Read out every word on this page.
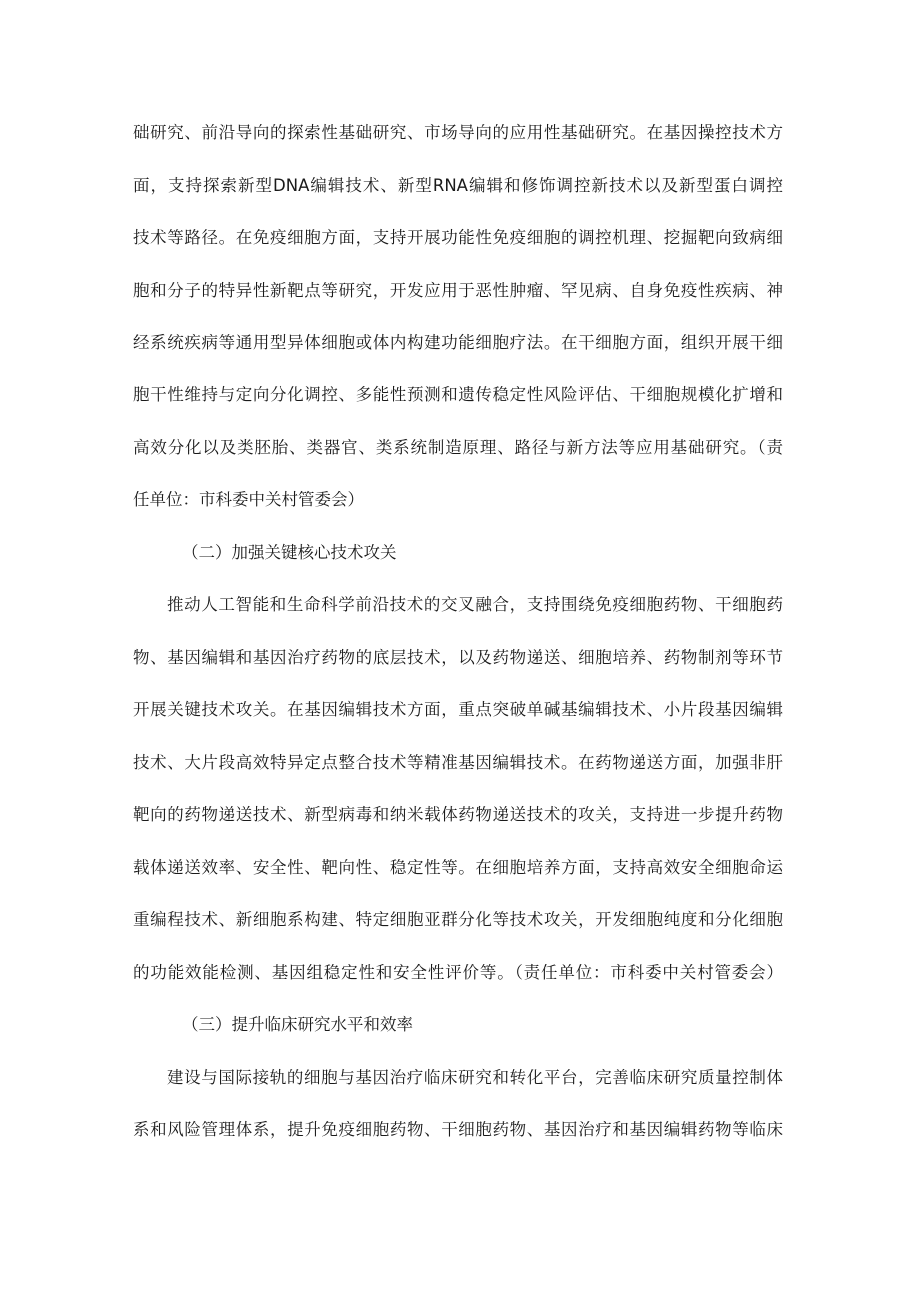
础研究、前沿导向的探索性基础研究、市场导向的应用性基础研究。在基因操控技术方
面，支持探索新型DNA编辑技术、新型RNA编辑和修饰调控新技术以及新型蛋白调控
技术等路径。在免疫细胞方面，支持开展功能性免疫细胞的调控机理、挖掘靶向致病细
胞和分子的特异性新靶点等研究，开发应用于恶性肿瘤、罕见病、自身免疫性疾病、神
经系统疾病等通用型异体细胞或体内构建功能细胞疗法。在干细胞方面，组织开展干细
胞干性维持与定向分化调控、多能性预测和遗传稳定性风险评估、干细胞规模化扩增和
高效分化以及类胚胎、类器官、类系统制造原理、路径与新方法等应用基础研究。（责
任单位：市科委中关村管委会）
（二）加强关键核心技术攻关
推动人工智能和生命科学前沿技术的交叉融合，支持围绕免疫细胞药物、干细胞药
物、基因编辑和基因治疗药物的底层技术，以及药物递送、细胞培养、药物制剂等环节
开展关键技术攻关。在基因编辑技术方面，重点突破单碱基编辑技术、小片段基因编辑
技术、大片段高效特异定点整合技术等精准基因编辑技术。在药物递送方面，加强非肝
靶向的药物递送技术、新型病毒和纳米载体药物递送技术的攻关，支持进一步提升药物
载体递送效率、安全性、靶向性、稳定性等。在细胞培养方面，支持高效安全细胞命运
重编程技术、新细胞系构建、特定细胞亚群分化等技术攻关，开发细胞纯度和分化细胞
的功能效能检测、基因组稳定性和安全性评价等。（责任单位：市科委中关村管委会）
（三）提升临床研究水平和效率
建设与国际接轨的细胞与基因治疗临床研究和转化平台，完善临床研究质量控制体
系和风险管理体系，提升免疫细胞药物、干细胞药物、基因治疗和基因编辑药物等临床
